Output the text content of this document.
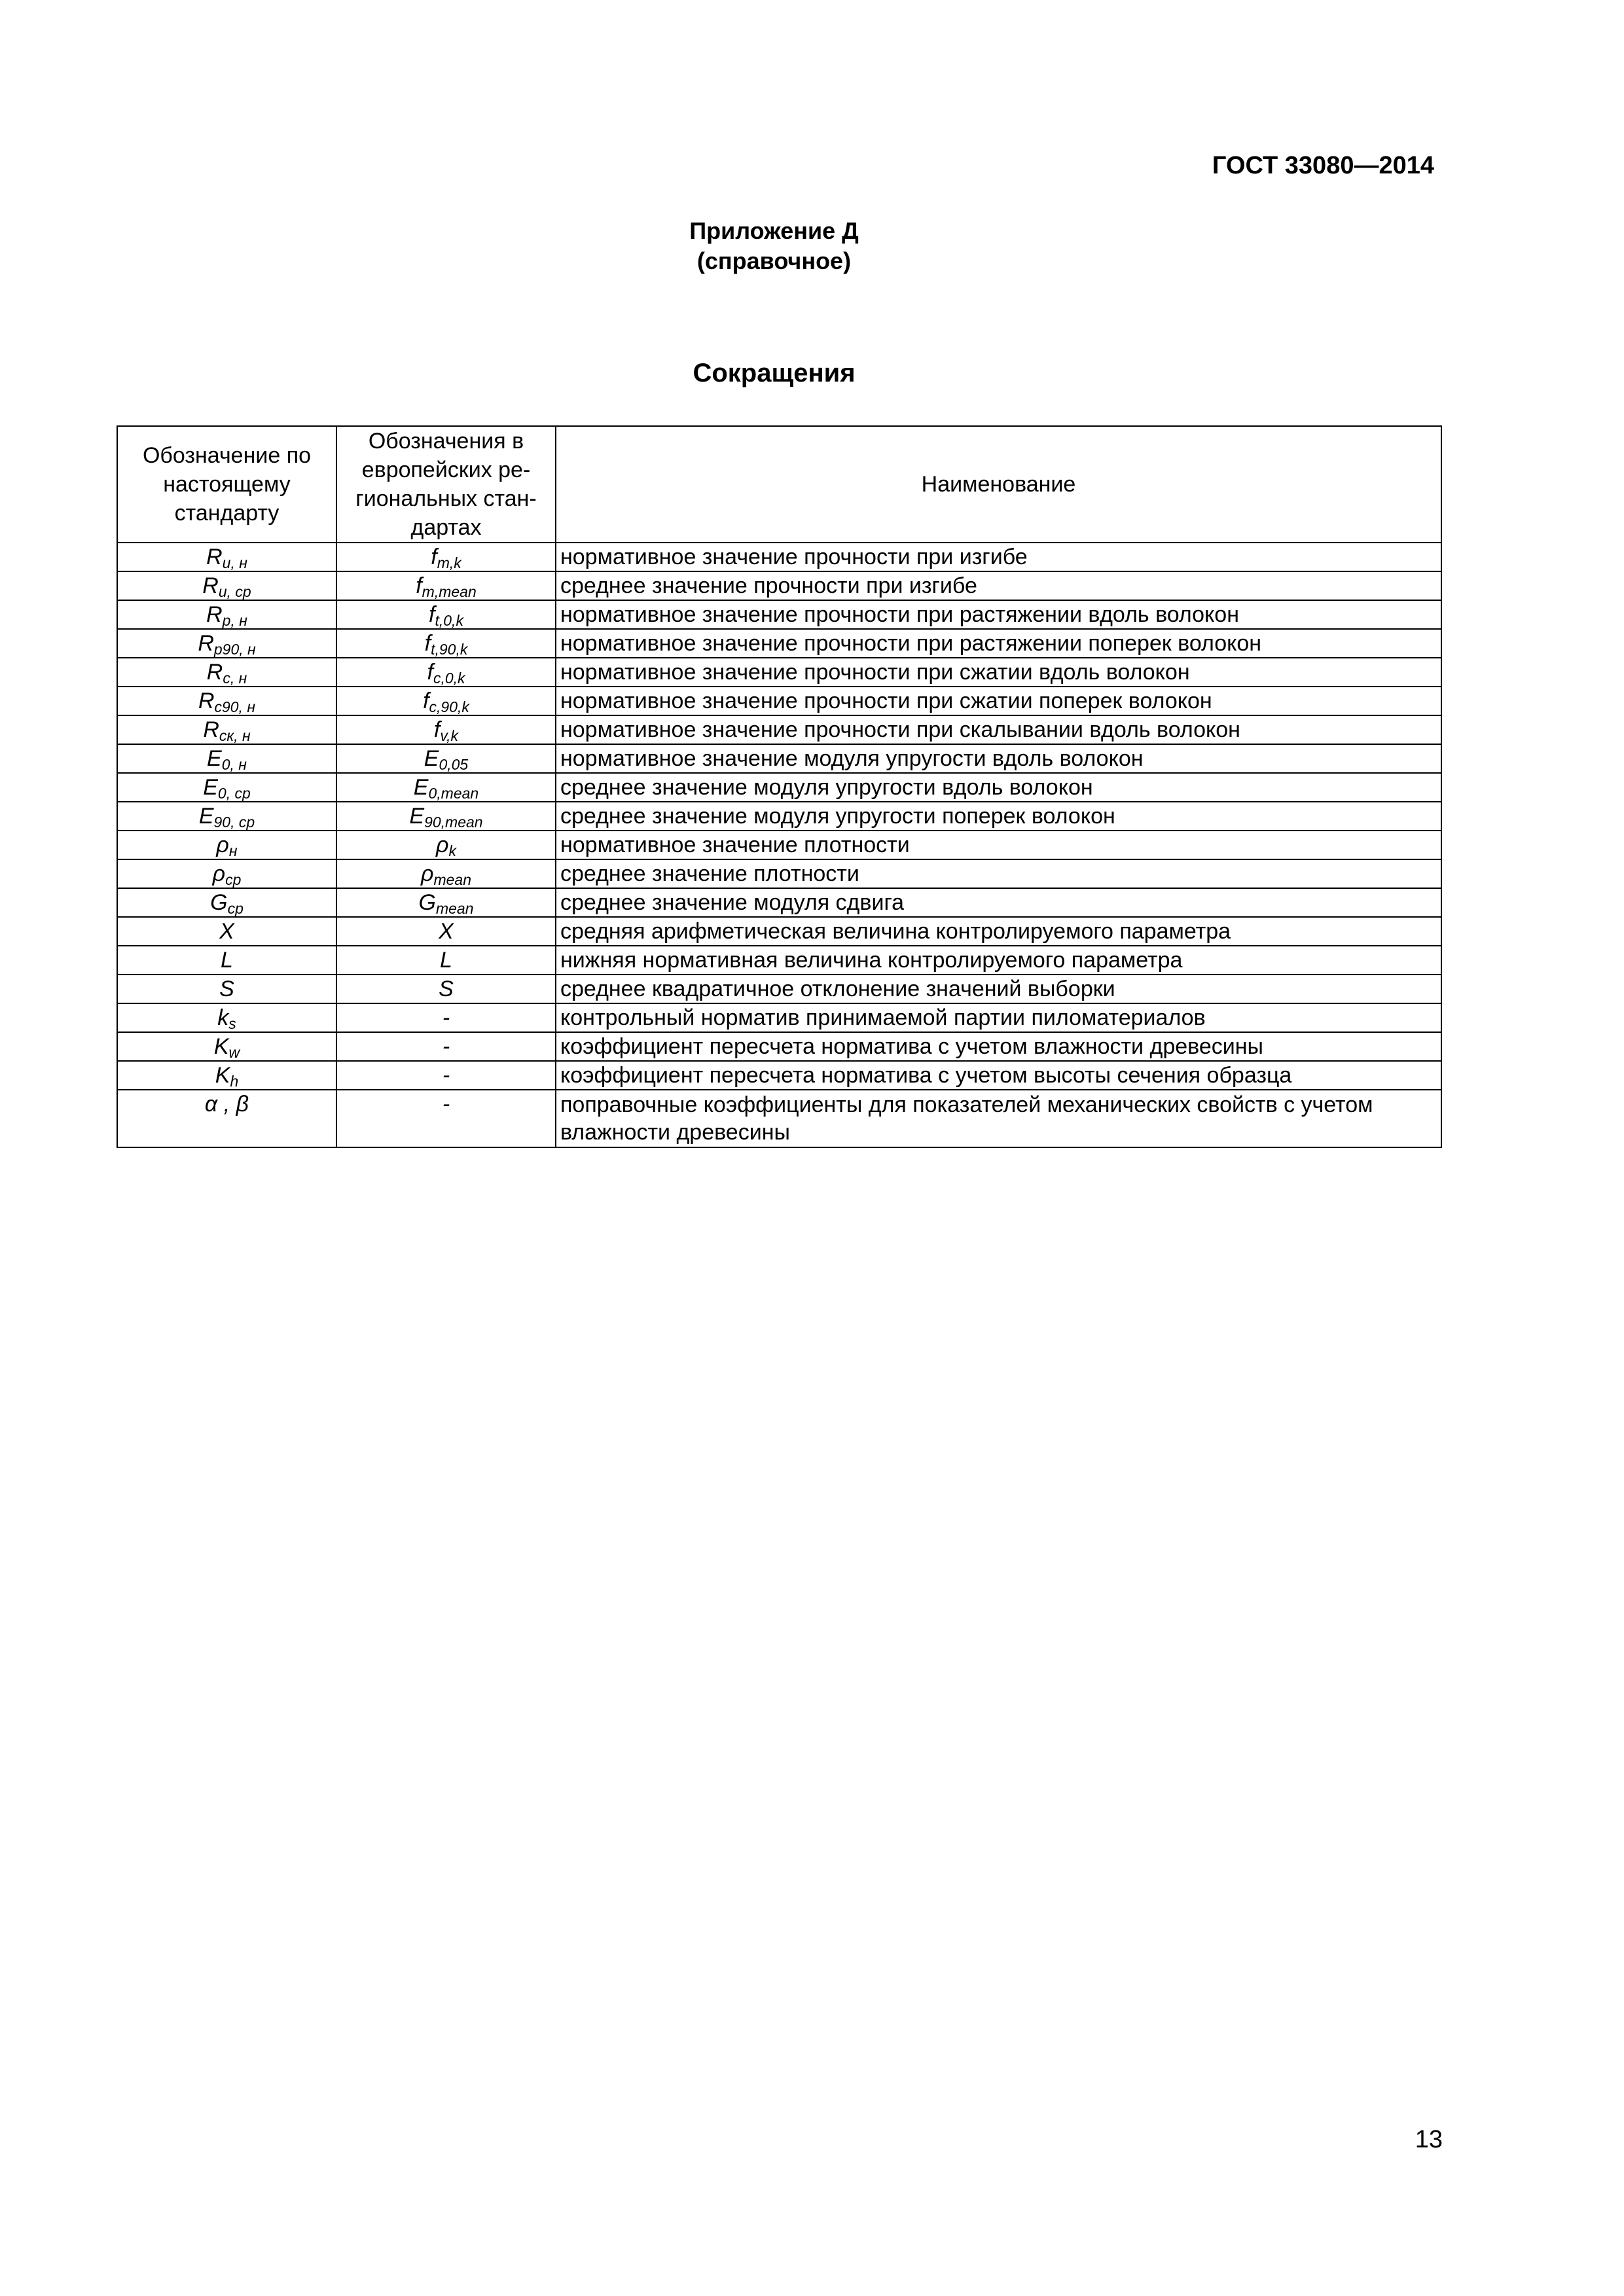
ГОСТ 33080—2014
Приложение Д
(справочное)
Сокращения
Обозначение по настоящему стандарту	Обозначения в европейских ре-гиональных стан-дартах	Наименование
$R_{u, н}$	$f_{m,k}$	нормативное значение прочности при изгибе
$R_{u, ср}$	$f_{m,mean}$	среднее значение прочности при изгибе
$R_{p, н}$	$f_{t,0,k}$	нормативное значение прочности при растяжении вдоль волокон
$R_{p90, н}$	$f_{t,90,k}$	нормативное значение прочности при растяжении поперек волокон
$R_{c, н}$	$f_{c,0,k}$	нормативное значение прочности при сжатии вдоль волокон
$R_{c90, н}$	$f_{c,90,k}$	нормативное значение прочности при сжатии поперек волокон
$R_{ск, н}$	$f_{v,k}$	нормативное значение прочности при скалывании вдоль волокон
$E_{0, н}$	$E_{0,05}$	нормативное значение модуля упругости вдоль волокон
$E_{0, ср}$	$E_{0,mean}$	среднее значение модуля упругости вдоль волокон
$E_{90, ср}$	$E_{90,mean}$	среднее значение модуля упругости поперек волокон
$\rho_н$	$\rho_k$	нормативное значение плотности
$\rho_{ср}$	$\rho_{mean}$	среднее значение плотности
$G_{ср}$	$G_{mean}$	среднее значение модуля сдвига
X	X	средняя арифметическая величина контролируемого параметра
L	L	нижняя нормативная величина контролируемого параметра
S	S	среднее квадратичное отклонение значений выборки
$k_s$	-	контрольный норматив принимаемой партии пиломатериалов
$K_w$	-	коэффициент пересчета норматива с учетом влажности древесины
$K_h$	-	коэффициент пересчета норматива с учетом высоты сечения образца
α , β	-	поправочные коэффициенты для показателей механических свойств с учетом влажности древесины
13
